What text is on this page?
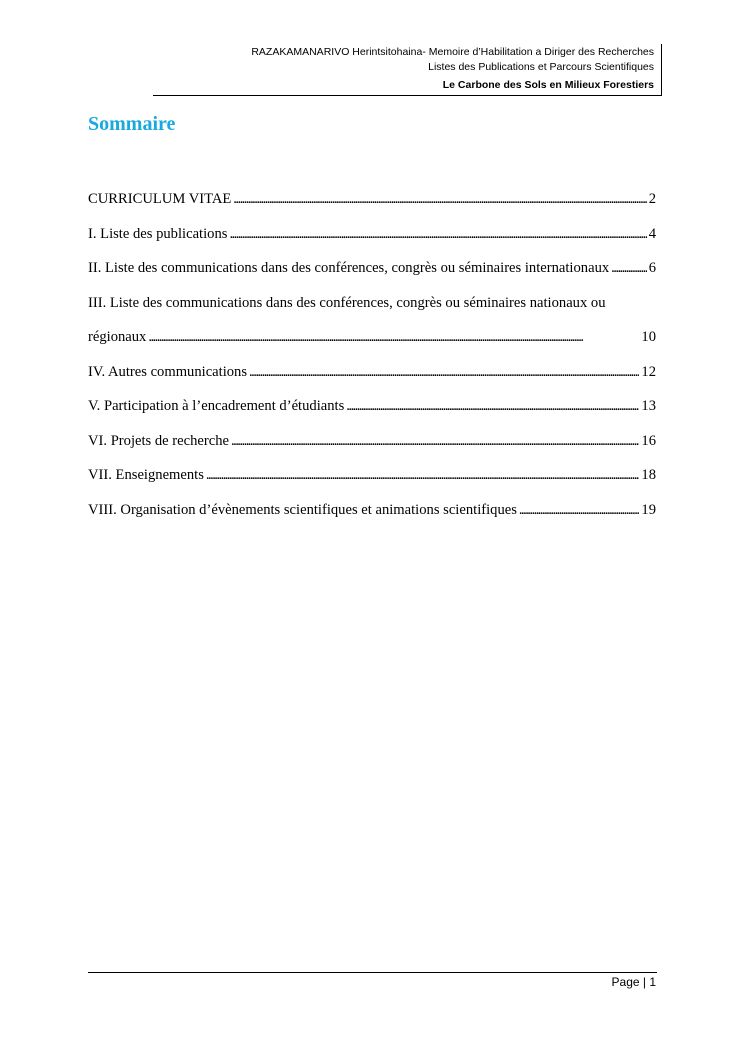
RAZAKAMANARIVO Herintsitohaina- Memoire d’Habilitation a Diriger des Recherches
Listes des Publications et Parcours Scientifiques
Le Carbone des Sols en Milieux Forestiers
Sommaire
CURRICULUM VITAE . . .	2
I. Liste des publications . . .	4
II. Liste des communications dans des conférences, congrès ou séminaires internationaux . . .	6
III. Liste des communications dans des conférences, congrès ou séminaires nationaux ou
régionaux . . .	10
IV. Autres communications . . .	12
V. Participation à l’encadrement d’étudiants . . .	13
VI. Projets de recherche . . .	16
VII. Enseignements . . .	18
VIII. Organisation d’évènements scientifiques et animations scientifiques . . .	19
Page | 1
